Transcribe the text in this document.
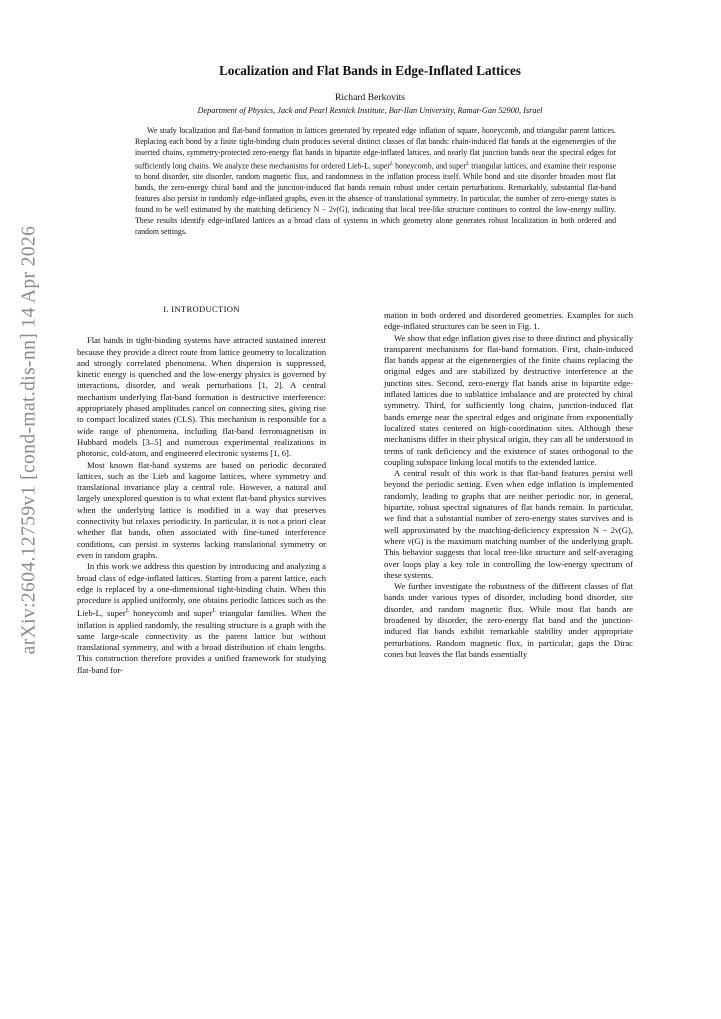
arXiv:2604.12759v1 [cond-mat.dis-nn] 14 Apr 2026
Localization and Flat Bands in Edge-Inflated Lattices
Richard Berkovits
Department of Physics, Jack and Pearl Resnick Institute, Bar-Ilan University, Ramat-Gan 52900, Israel

We study localization and flat-band formation in lattices generated by repeated edge inflation of square, honeycomb, and triangular parent lattices. Replacing each bond by a finite tight-binding chain produces several distinct classes of flat bands: chain-induced flat bands at the eigenenergies of the inserted chains, symmetry-protected zero-energy flat bands in bipartite edge-inflated lattices, and nearly flat junction bands near the spectral edges for sufficiently long chains. We analyze these mechanisms for ordered Lieb-L, super$^L$ honeycomb, and super$^L$ triangular lattices, and examine their response to bond disorder, site disorder, random magnetic flux, and randomness in the inflation process itself. While bond and site disorder broaden most flat bands, the zero-energy chiral band and the junction-induced flat bands remain robust under certain perturbations. Remarkably, substantial flat-band features also persist in randomly edge-inflated graphs, even in the absence of translational symmetry. In particular, the number of zero-energy states is found to be well estimated by the matching deficiency N − 2ν(G), indicating that local tree-like structure continues to control the low-energy nullity. These results identify edge-inflated lattices as a broad class of systems in which geometry alone generates robust localization in both ordered and random settings.

I. INTRODUCTION

Flat bands in tight-binding systems have attracted sustained interest because they provide a direct route from lattice geometry to localization and strongly correlated phenomena. When dispersion is suppressed, kinetic energy is quenched and the low-energy physics is governed by interactions, disorder, and weak perturbations [1, 2]. A central mechanism underlying flat-band formation is destructive interference: appropriately phased amplitudes cancel on connecting sites, giving rise to compact localized states (CLS). This mechanism is responsible for a wide range of phenomena, including flat-band ferromagnetism in Hubbard models [3–5] and numerous experimental realizations in photonic, cold-atom, and engineered electronic systems [1, 6].

Most known flat-band systems are based on periodic decorated lattices, such as the Lieb and kagome lattices, where symmetry and translational invariance play a central role. However, a natural and largely unexplored question is to what extent flat-band physics survives when the underlying lattice is modified in a way that preserves connectivity but relaxes periodicity. In particular, it is not a priori clear whether flat bands, often associated with fine-tuned interference conditions, can persist in systems lacking translational symmetry or even in random graphs.

In this work we address this question by introducing and analyzing a broad class of edge-inflated lattices. Starting from a parent lattice, each edge is replaced by a one-dimensional tight-binding chain. When this procedure is applied uniformly, one obtains periodic lattices such as the Lieb-L, super$^L$ honeycomb and super$^L$ triangular families. When the inflation is applied randomly, the resulting structure is a graph with the same large-scale connectivity as the parent lattice but without translational symmetry, and with a broad distribution of chain lengths. This construction therefore provides a unified framework for studying flat-band for-

mation in both ordered and disordered geometries. Examples for such edge-inflated structures can be seen in Fig. 1.

We show that edge inflation gives rise to three distinct and physically transparent mechanisms for flat-band formation. First, chain-induced flat bands appear at the eigenenergies of the finite chains replacing the original edges and are stabilized by destructive interference at the junction sites. Second, zero-energy flat bands arise in bipartite edge-inflated lattices due to sublattice imbalance and are protected by chiral symmetry. Third, for sufficiently long chains, junction-induced flat bands emerge near the spectral edges and originate from exponentially localized states centered on high-coordination sites. Although these mechanisms differ in their physical origin, they can all be understood in terms of rank deficiency and the existence of states orthogonal to the coupling subspace linking local motifs to the extended lattice.

A central result of this work is that flat-band features persist well beyond the periodic setting. Even when edge inflation is implemented randomly, leading to graphs that are neither periodic nor, in general, bipartite, robust spectral signatures of flat bands remain. In particular, we find that a substantial number of zero-energy states survives and is well approximated by the matching-deficiency expression N − 2ν(G), where ν(G) is the maximum matching number of the underlying graph. This behavior suggests that local tree-like structure and self-averaging over loops play a key role in controlling the low-energy spectrum of these systems.

We further investigate the robustness of the different classes of flat bands under various types of disorder, including bond disorder, site disorder, and random magnetic flux. While most flat bands are broadened by disorder, the zero-energy flat band and the junction-induced flat bands exhibit remarkable stability under appropriate perturbations. Random magnetic flux, in particular, gaps the Dirac cones but leaves the flat bands essentially
